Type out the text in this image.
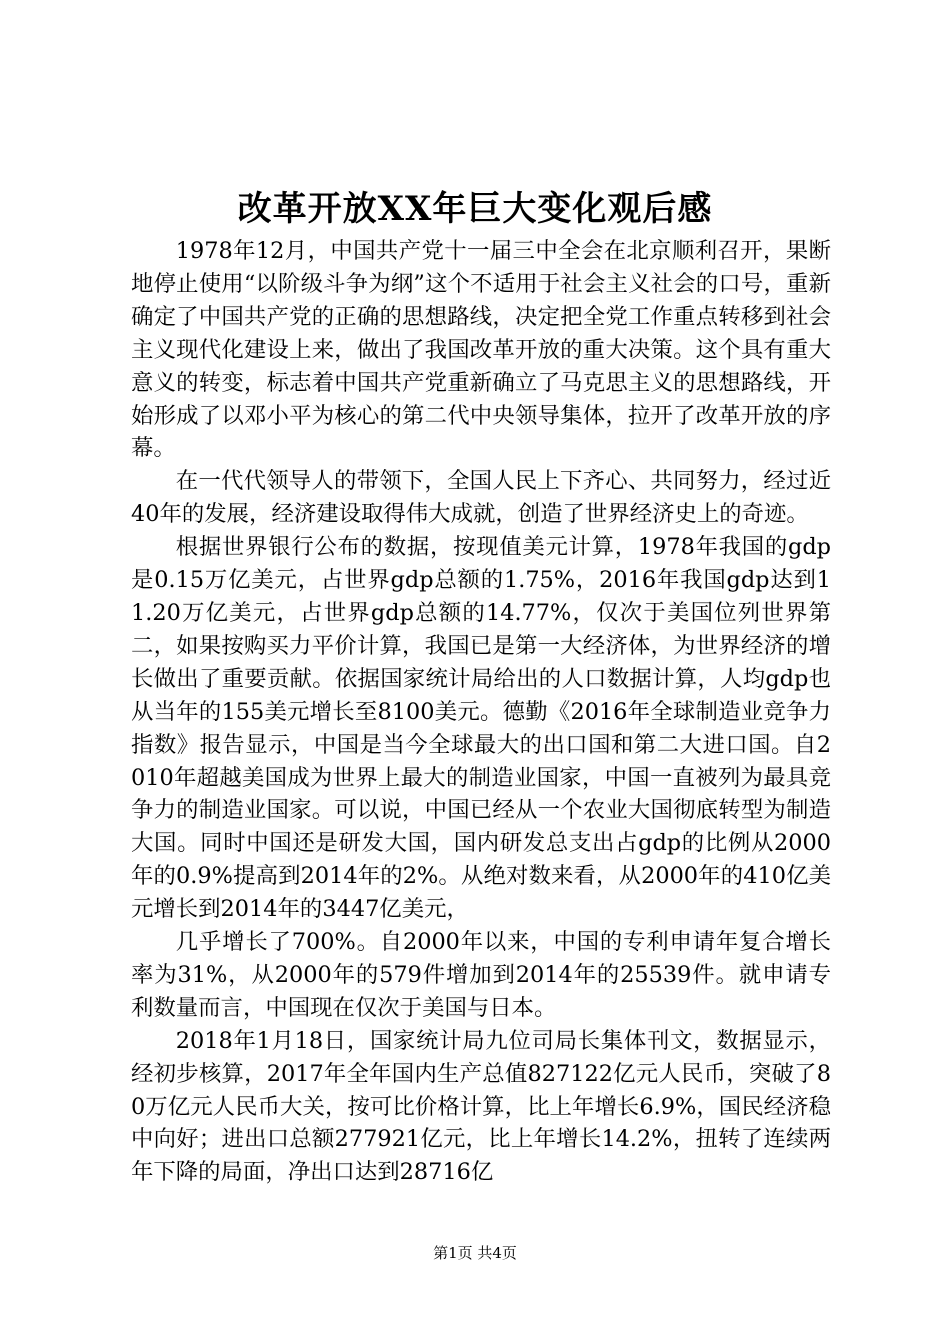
改革开放XX年巨大变化观后感

1978年12月，中国共产党十一届三中全会在北京顺利召开，果断地停止使用“以阶级斗争为纲”这个不适用于社会主义社会的口号，重新确定了中国共产党的正确的思想路线，决定把全党工作重点转移到社会主义现代化建设上来，做出了我国改革开放的重大决策。这个具有重大意义的转变，标志着中国共产党重新确立了马克思主义的思想路线，开始形成了以邓小平为核心的第二代中央领导集体，拉开了改革开放的序幕。

在一代代领导人的带领下，全国人民上下齐心、共同努力，经过近40年的发展，经济建设取得伟大成就，创造了世界经济史上的奇迹。

根据世界银行公布的数据，按现值美元计算，1978年我国的gdp是0.15万亿美元，占世界gdp总额的1.75%，2016年我国gdp达到11.20万亿美元，占世界gdp总额的14.77%，仅次于美国位列世界第二，如果按购买力平价计算，我国已是第一大经济体，为世界经济的增长做出了重要贡献。依据国家统计局给出的人口数据计算，人均gdp也从当年的155美元增长至8100美元。德勤《2016年全球制造业竞争力指数》报告显示，中国是当今全球最大的出口国和第二大进口国。自2010年超越美国成为世界上最大的制造业国家，中国一直被列为最具竞争力的制造业国家。可以说，中国已经从一个农业大国彻底转型为制造大国。同时中国还是研发大国，国内研发总支出占gdp的比例从2000年的0.9%提高到2014年的2%。从绝对数来看，从2000年的410亿美元增长到2014年的3447亿美元，

几乎增长了700%。自2000年以来，中国的专利申请年复合增长率为31%，从2000年的579件增加到2014年的25539件。就申请专利数量而言，中国现在仅次于美国与日本。

2018年1月18日，国家统计局九位司局长集体刊文，数据显示，经初步核算，2017年全年国内生产总值827122亿元人民币，突破了80万亿元人民币大关，按可比价格计算，比上年增长6.9%，国民经济稳中向好；进出口总额277921亿元，比上年增长14.2%，扭转了连续两年下降的局面，净出口达到28716亿

第1页 共4页
